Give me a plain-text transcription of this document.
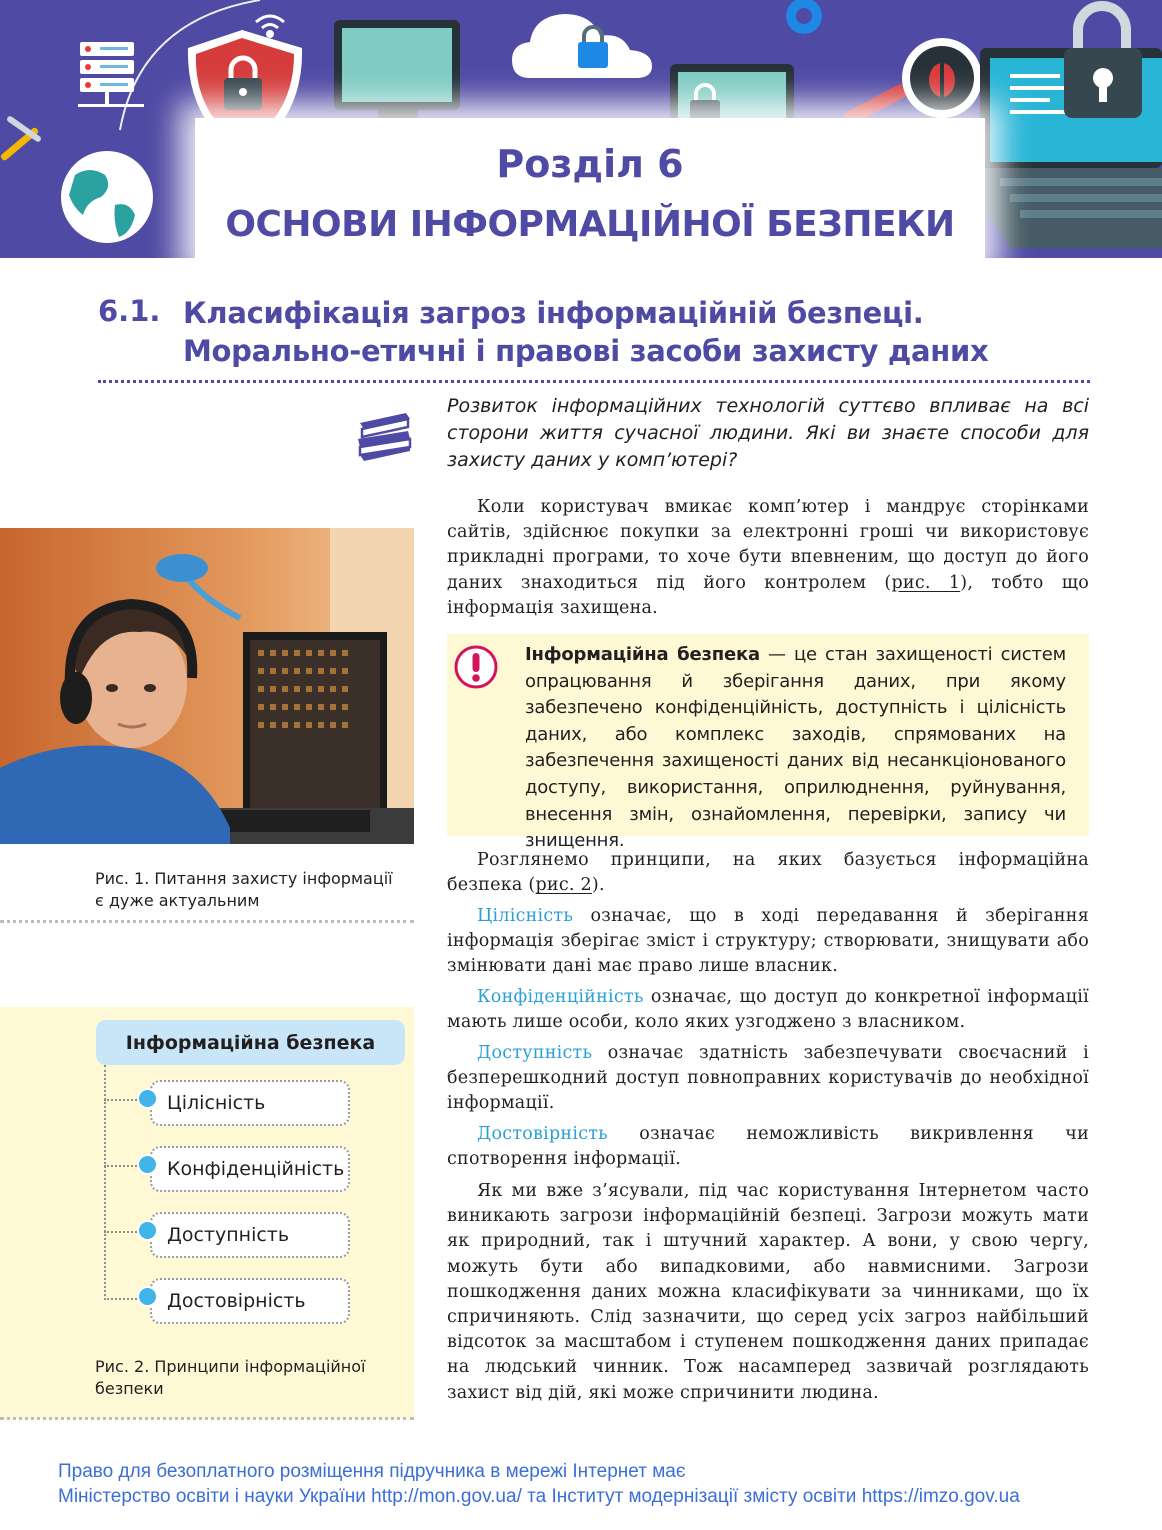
Розділ 6
ОСНОВИ ІНФОРМАЦІЙНОЇ БЕЗПЕКИ
6.1. Класифікація загроз інформаційній безпеці.
Морально-етичні і правові засоби захисту даних
Розвиток інформаційних технологій суттєво впливає на всі сторони життя сучасної людини. Які ви знаєте способи для захисту даних у комп’ютері?
Коли користувач вмикає комп’ютер і мандрує сторінками сайтів, здійснює покупки за електронні гроші чи використовує прикладні програми, то хоче бути впевненим, що доступ до його даних знаходиться під його контролем (рис. 1), тобто що інформація захищена.
Рис. 1. Питання захисту інформації є дуже актуальним
Інформаційна безпека — це стан захищеності систем опрацювання й зберігання даних, при якому забезпечено конфіденційність, доступність і цілісність даних, або комплекс заходів, спрямованих на забезпечення захищеності даних від несанкціонованого доступу, використання, оприлюднення, руйнування, внесення змін, ознайомлення, перевірки, запису чи знищення.
Розглянемо принципи, на яких базується інформаційна безпека (рис. 2).
Цілісність означає, що в ході передавання й зберігання інформація зберігає зміст і структуру; створювати, знищувати або змінювати дані має право лише власник.
Конфіденційність означає, що доступ до конкретної інформації мають лише особи, коло яких узгоджено з власником.
Доступність означає здатність забезпечувати своєчасний і безперешкодний доступ повноправних користувачів до необхідної інформації.
Достовірність означає неможливість викривлення чи спотворення інформації.
Як ми вже з’ясували, під час користування Інтернетом часто виникають загрози інформаційній безпеці. Загрози можуть мати як природний, так і штучний характер. А вони, у свою чергу, можуть бути або випадковими, або навмисними. Загрози пошкодження даних можна класифікувати за чинниками, що їх спричиняють. Слід зазначити, що серед усіх загроз найбільший відсоток за масштабом і ступенем пошкодження даних припадає на людський чинник. Тож насамперед зазвичай розглядають захист від дій, які може спричинити людина.
Інформаційна безпека
Цілісність
Конфіденційність
Доступність
Достовірність
Рис. 2. Принципи інформаційної безпеки
Право для безоплатного розміщення підручника в мережі Інтернет має
Міністерство освіти і науки України http://mon.gov.ua/ та Інститут модернізації змісту освіти https://imzo.gov.ua
